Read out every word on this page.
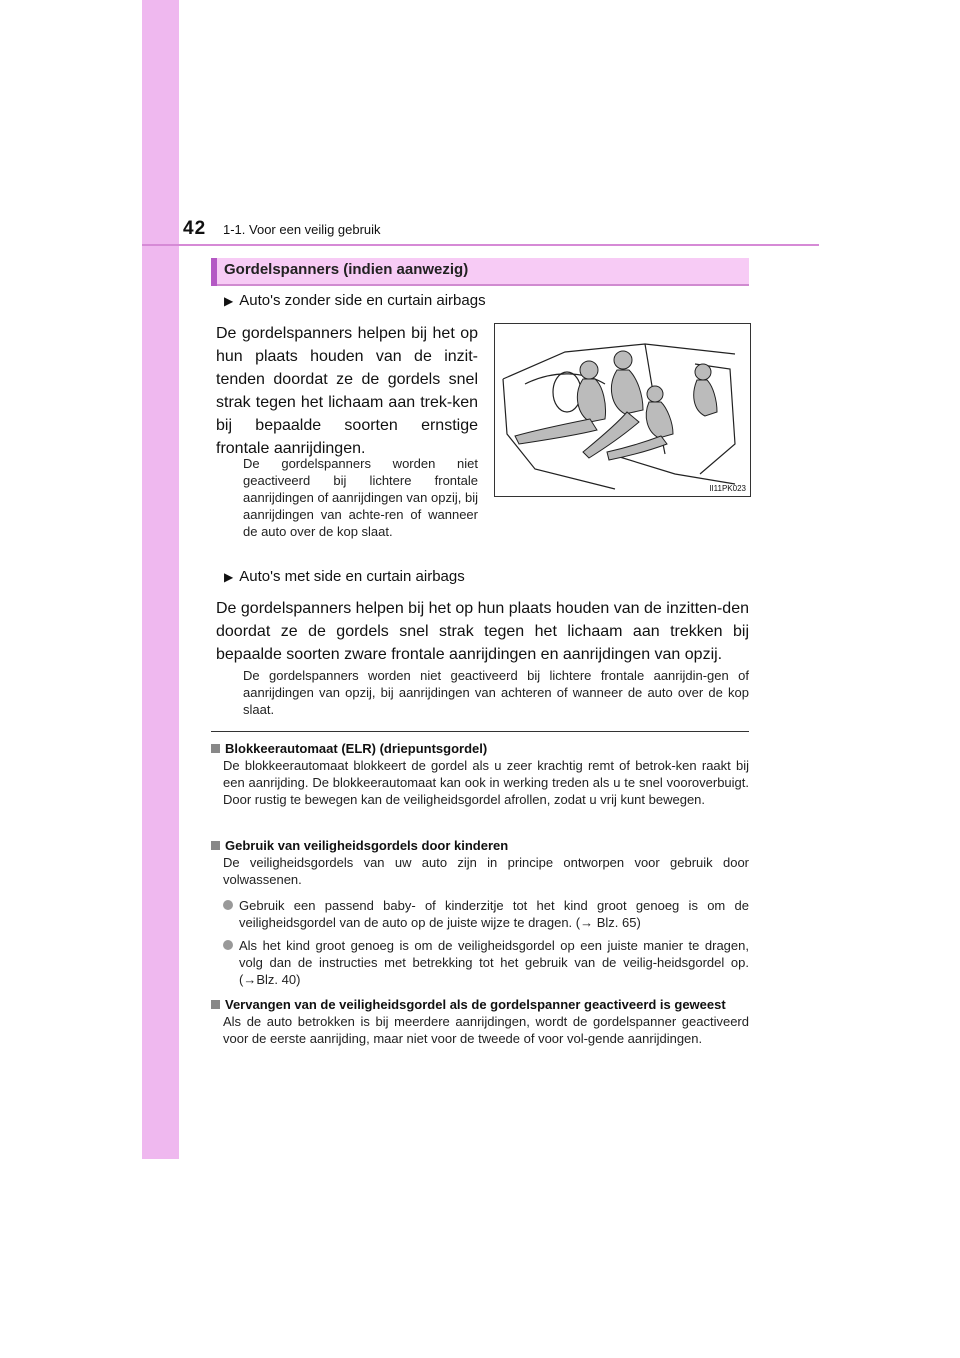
42 1-1. Voor een veilig gebruik
Gordelspanners (indien aanwezig)
▶ Auto's zonder side en curtain airbags
De gordelspanners helpen bij het op hun plaats houden van de inzit-tenden doordat ze de gordels snel strak tegen het lichaam aan trek-ken bij bepaalde soorten ernstige frontale aanrijdingen.
De gordelspanners worden niet geactiveerd bij lichtere frontale aanrijdingen of aanrijdingen van opzij, bij aanrijdingen van achte-ren of wanneer de auto over de kop slaat.
II11PK023
▶ Auto's met side en curtain airbags
De gordelspanners helpen bij het op hun plaats houden van de inzitten-den doordat ze de gordels snel strak tegen het lichaam aan trekken bij bepaalde soorten zware frontale aanrijdingen en aanrijdingen van opzij.
De gordelspanners worden niet geactiveerd bij lichtere frontale aanrijdin-gen of aanrijdingen van opzij, bij aanrijdingen van achteren of wanneer de auto over de kop slaat.
Blokkeerautomaat (ELR) (driepuntsgordel)
De blokkeerautomaat blokkeert de gordel als u zeer krachtig remt of betrok-ken raakt bij een aanrijding. De blokkeerautomaat kan ook in werking treden als u te snel vooroverbuigt. Door rustig te bewegen kan de veiligheidsgordel afrollen, zodat u vrij kunt bewegen.
Gebruik van veiligheidsgordels door kinderen
De veiligheidsgordels van uw auto zijn in principe ontworpen voor gebruik door volwassenen.
Gebruik een passend baby- of kinderzitje tot het kind groot genoeg is om de veiligheidsgordel van de auto op de juiste wijze te dragen. (→ Blz. 65)
Als het kind groot genoeg is om de veiligheidsgordel op een juiste manier te dragen, volg dan de instructies met betrekking tot het gebruik van de veilig-heidsgordel op. (→Blz. 40)
Vervangen van de veiligheidsgordel als de gordelspanner geactiveerd is geweest
Als de auto betrokken is bij meerdere aanrijdingen, wordt de gordelspanner geactiveerd voor de eerste aanrijding, maar niet voor de tweede of voor vol-gende aanrijdingen.
